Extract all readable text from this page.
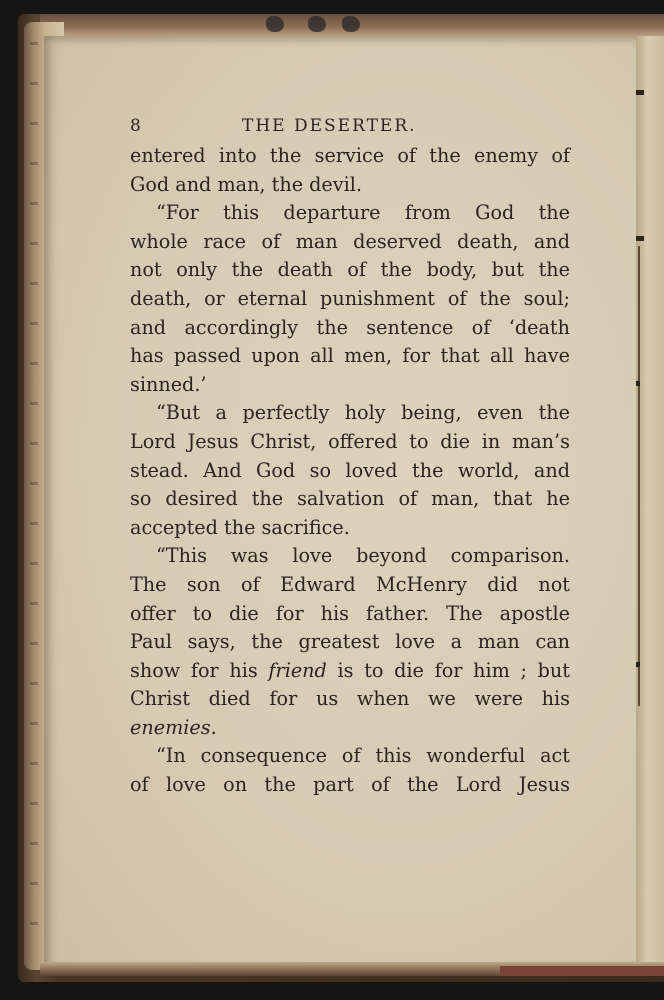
8	THE DESERTER.
entered into the service of the enemy of
God and man, the devil.
“For this departure from God the
whole race of man deserved death, and
not only the death of the body, but the
death, or eternal punishment of the soul;
and accordingly the sentence of ‘death
has passed upon all men, for that all have
sinned.’
“But a perfectly holy being, even the
Lord Jesus Christ, offered to die in man’s
stead. And God so loved the world, and
so desired the salvation of man, that he
accepted the sacrifice.
“This was love beyond comparison.
The son of Edward McHenry did not
offer to die for his father. The apostle
Paul says, the greatest love a man can
show for his friend is to die for him ; but
Christ died for us when we were his
enemies.
“In consequence of this wonderful act
of love on the part of the Lord Jesus
